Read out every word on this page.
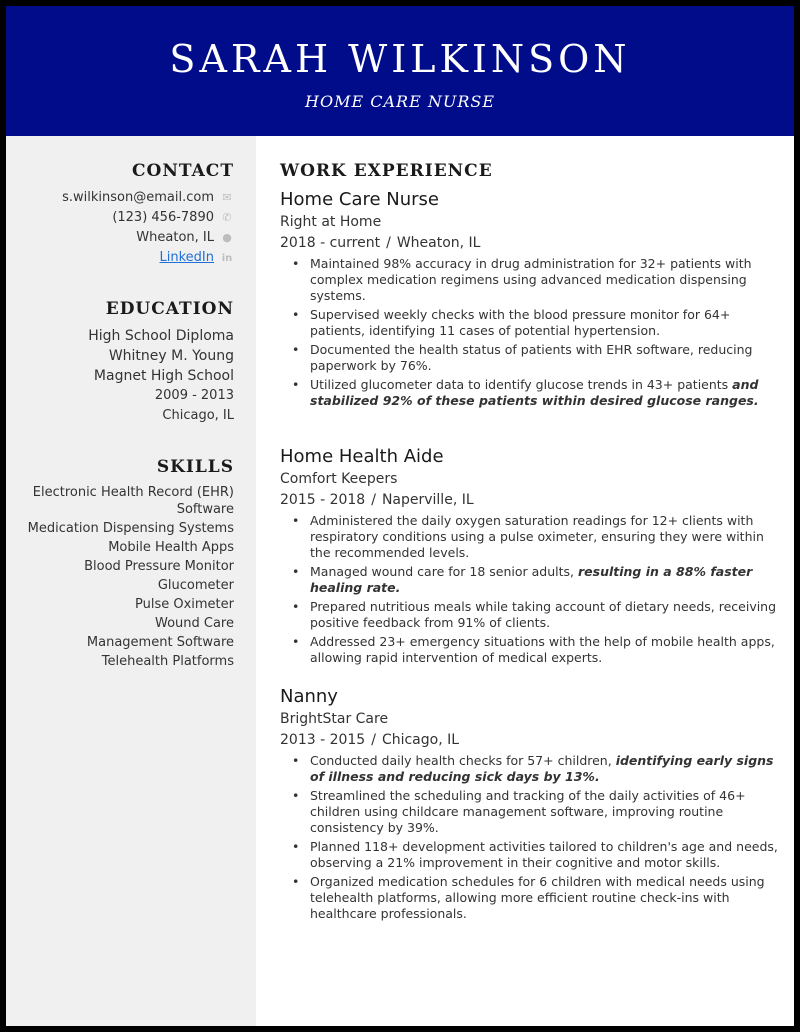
SARAH WILKINSON
HOME CARE NURSE
CONTACT
s.wilkinson@email.com ✉
(123) 456-7890 ✆
Wheaton, IL ●
LinkedIn in
EDUCATION
High School Diploma
Whitney M. Young
Magnet High School
2009 - 2013
Chicago, IL
SKILLS
Electronic Health Record (EHR) Software
Medication Dispensing Systems
Mobile Health Apps
Blood Pressure Monitor
Glucometer
Pulse Oximeter
Wound Care
Management Software
Telehealth Platforms
WORK EXPERIENCE
Home Care Nurse
Right at Home
2018 - current / Wheaton, IL
• Maintained 98% accuracy in drug administration for 32+ patients with complex medication regimens using advanced medication dispensing systems.
• Supervised weekly checks with the blood pressure monitor for 64+ patients, identifying 11 cases of potential hypertension.
• Documented the health status of patients with EHR software, reducing paperwork by 76%.
• Utilized glucometer data to identify glucose trends in 43+ patients and stabilized 92% of these patients within desired glucose ranges.
Home Health Aide
Comfort Keepers
2015 - 2018 / Naperville, IL
• Administered the daily oxygen saturation readings for 12+ clients with respiratory conditions using a pulse oximeter, ensuring they were within the recommended levels.
• Managed wound care for 18 senior adults, resulting in a 88% faster healing rate.
• Prepared nutritious meals while taking account of dietary needs, receiving positive feedback from 91% of clients.
• Addressed 23+ emergency situations with the help of mobile health apps, allowing rapid intervention of medical experts.
Nanny
BrightStar Care
2013 - 2015 / Chicago, IL
• Conducted daily health checks for 57+ children, identifying early signs of illness and reducing sick days by 13%.
• Streamlined the scheduling and tracking of the daily activities of 46+ children using childcare management software, improving routine consistency by 39%.
• Planned 118+ development activities tailored to children's age and needs, observing a 21% improvement in their cognitive and motor skills.
• Organized medication schedules for 6 children with medical needs using telehealth platforms, allowing more efficient routine check-ins with healthcare professionals.
